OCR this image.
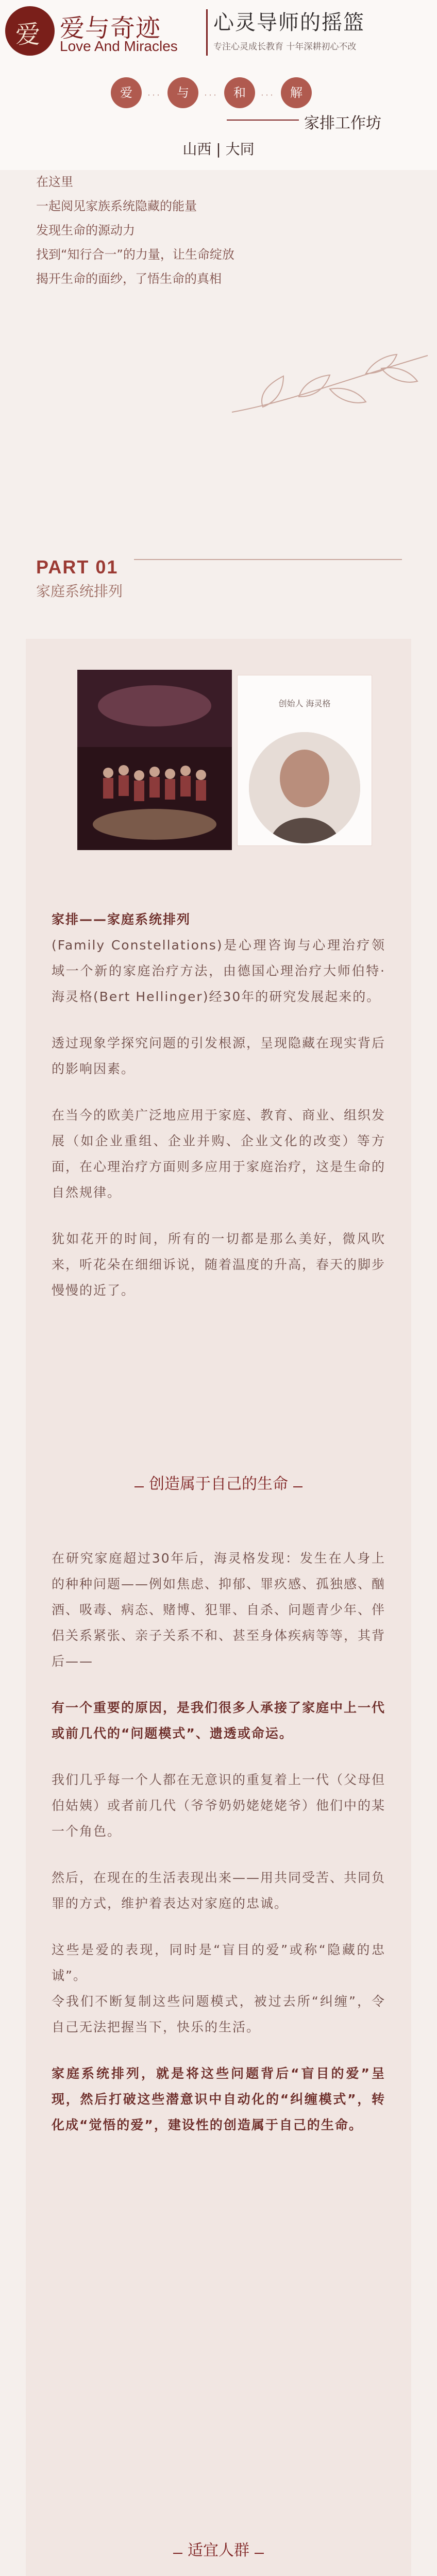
爱 爱与奇迹
Love And Miracles
心灵导师的摇篮
专注心灵成长教育 十年深耕初心不改
爱	···	与	···	和	···	解
家排工作坊
山西 | 大同
在这里
一起阅见家族系统隐藏的能量
发现生命的源动力
找到“知行合一”的力量，让生命绽放
揭开生命的面纱，了悟生命的真相
PART 01
家庭系统排列
创始人 海灵格

家排——家庭系统排列

(Family Constellations)是心理咨询与心理治疗领域一个新的家庭治疗方法，由德国心理治疗大师伯特·海灵格(Bert Hellinger)经30年的研究发展起来的。

透过现象学探究问题的引发根源，呈现隐藏在现实背后的影响因素。

在当今的欧美广泛地应用于家庭、教育、商业、组织发展（如企业重组、企业并购、企业文化的改变）等方面，在心理治疗方面则多应用于家庭治疗，这是生命的自然规律。

犹如花开的时间，所有的一切都是那么美好，微风吹来，听花朵在细细诉说，随着温度的升高，春天的脚步慢慢的近了。

创造属于自己的生命

在研究家庭超过30年后，海灵格发现：发生在人身上的种种问题——例如焦虑、抑郁、罪疚感、孤独感、酗酒、吸毒、病态、赌博、犯罪、自杀、问题青少年、伴侣关系紧张、亲子关系不和、甚至身体疾病等等，其背后——

有一个重要的原因，是我们很多人承接了家庭中上一代或前几代的“问题模式”、遗透或命运。

我们几乎每一个人都在无意识的重复着上一代（父母但伯姑姨）或者前几代（爷爷奶奶姥姥姥爷）他们中的某一个角色。

然后，在现在的生活表现出来——用共同受苦、共同负罪的方式，维护着表达对家庭的忠诚。

这些是爱的表现，同时是“盲目的爱”或称“隐藏的忠诚”。

令我们不断复制这些问题模式，被过去所“纠缠”，令自己无法把握当下，快乐的生活。

家庭系统排列，就是将这些问题背后“盲目的爱”呈现，然后打破这些潜意识中自动化的“纠缠模式”，转化成“觉悟的爱”，建设性的创造属于自己的生命。

适宜人群
